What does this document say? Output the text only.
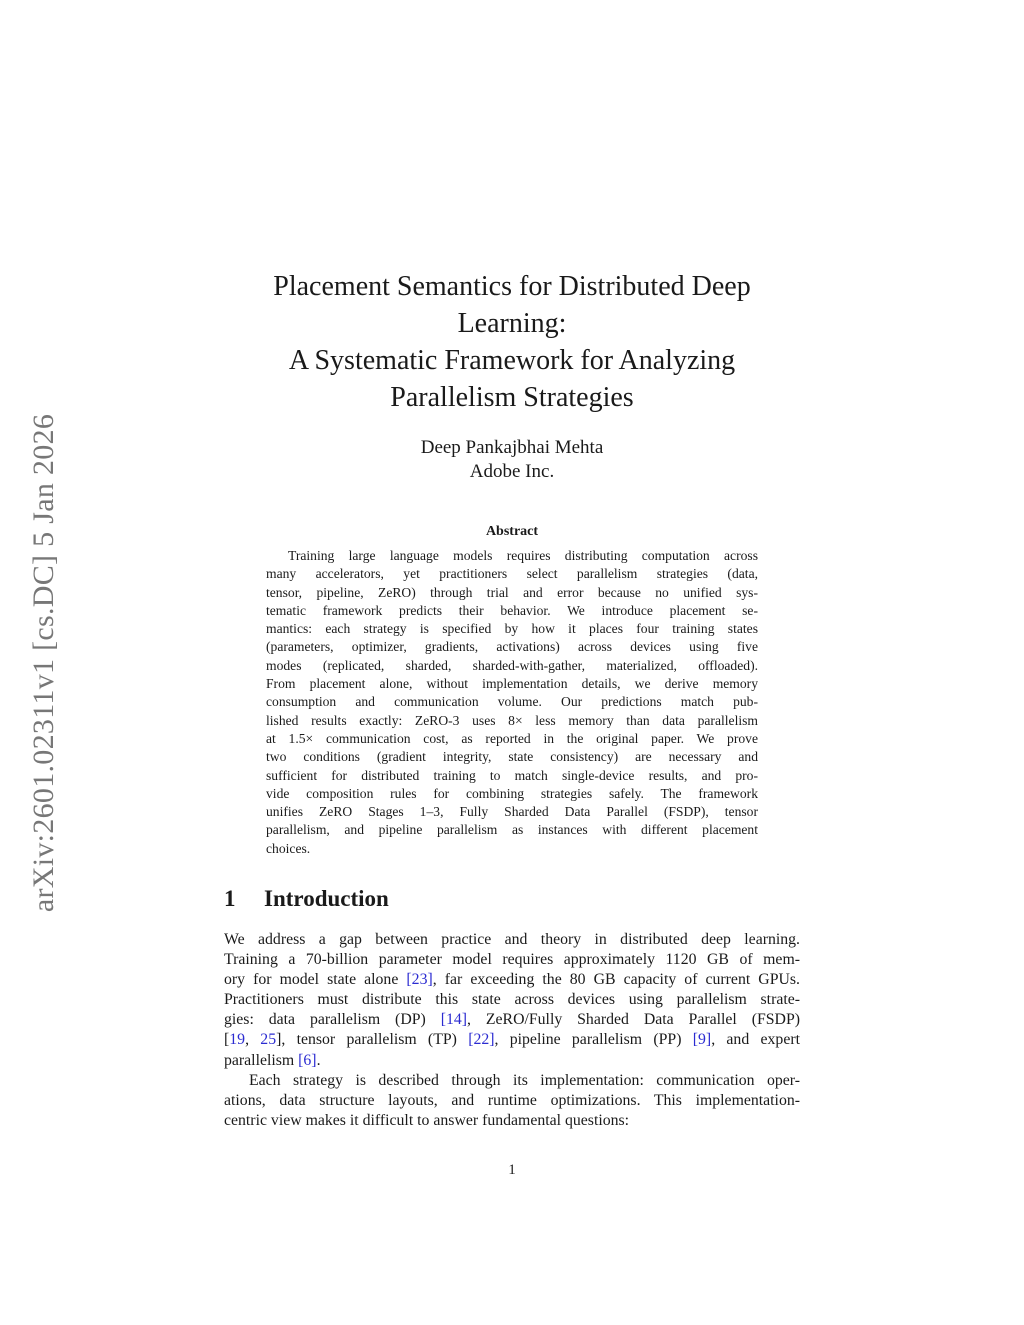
arXiv:2601.02311v1 [cs.DC] 5 Jan 2026
Placement Semantics for Distributed Deep
Learning:
A Systematic Framework for Analyzing
Parallelism Strategies
Deep Pankajbhai Mehta
Adobe Inc.
Abstract
Training large language models requires distributing computation across
many accelerators, yet practitioners select parallelism strategies (data,
tensor, pipeline, ZeRO) through trial and error because no unified sys-
tematic framework predicts their behavior. We introduce placement se-
mantics: each strategy is specified by how it places four training states
(parameters, optimizer, gradients, activations) across devices using five
modes (replicated, sharded, sharded-with-gather, materialized, offloaded).
From placement alone, without implementation details, we derive memory
consumption and communication volume. Our predictions match pub-
lished results exactly: ZeRO-3 uses 8× less memory than data parallelism
at 1.5× communication cost, as reported in the original paper. We prove
two conditions (gradient integrity, state consistency) are necessary and
sufficient for distributed training to match single-device results, and pro-
vide composition rules for combining strategies safely. The framework
unifies ZeRO Stages 1–3, Fully Sharded Data Parallel (FSDP), tensor
parallelism, and pipeline parallelism as instances with different placement
choices.
1 Introduction
We address a gap between practice and theory in distributed deep learning.
Training a 70-billion parameter model requires approximately 1120 GB of mem-
ory for model state alone [23], far exceeding the 80 GB capacity of current GPUs.
Practitioners must distribute this state across devices using parallelism strate-
gies: data parallelism (DP) [14], ZeRO/Fully Sharded Data Parallel (FSDP)
[19, 25], tensor parallelism (TP) [22], pipeline parallelism (PP) [9], and expert
parallelism [6].
Each strategy is described through its implementation: communication oper-
ations, data structure layouts, and runtime optimizations. This implementation-
centric view makes it difficult to answer fundamental questions:
1
